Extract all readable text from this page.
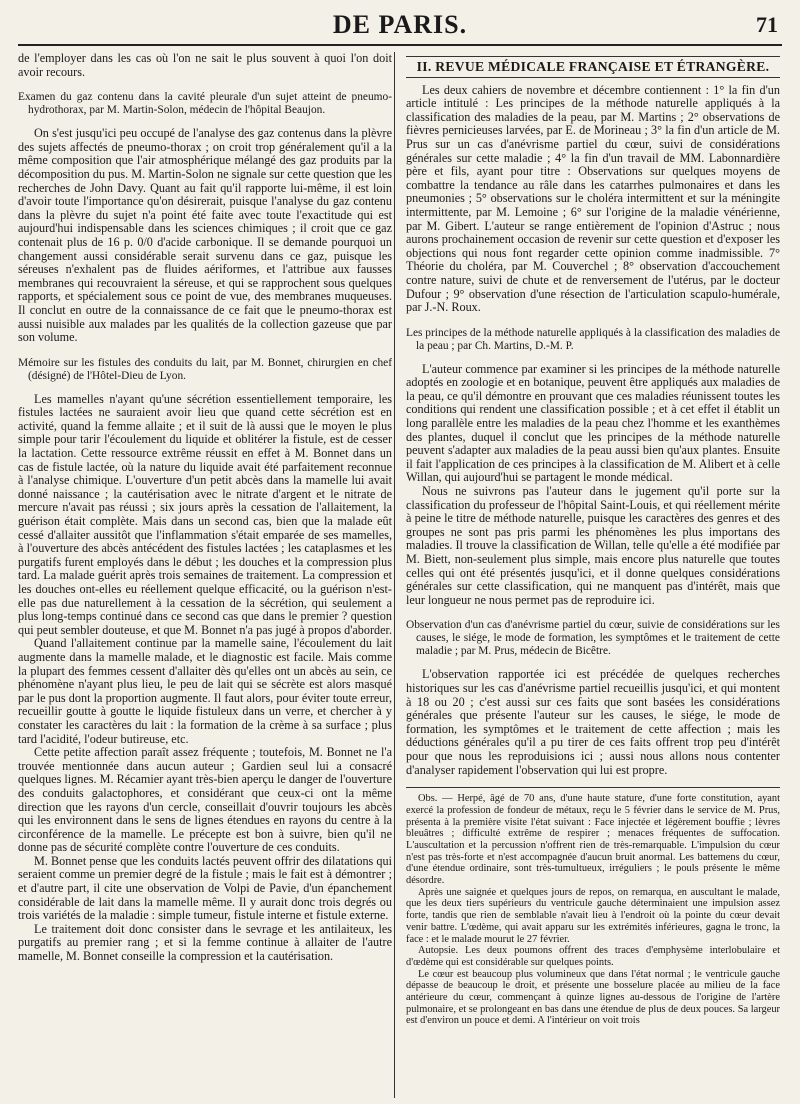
DE PARIS.	71

de l'employer dans les cas où l'on ne sait le plus souvent à quoi l'on doit avoir recours.

Examen du gaz contenu dans la cavité pleurale d'un sujet atteint de pneumo-hydrothorax, par M. Martin-Solon, médecin de l'hôpital Beaujon.

On s'est jusqu'ici peu occupé de l'analyse des gaz contenus dans la plèvre des sujets affectés de pneumo-thorax ; on croit trop généralement qu'il a la même composition que l'air atmosphérique mélangé des gaz produits par la décomposition du pus. M. Martin-Solon ne signale sur cette question que les recherches de John Davy. Quant au fait qu'il rapporte lui-même, il est loin d'avoir toute l'importance qu'on désirerait, puisque l'analyse du gaz contenu dans la plèvre du sujet n'a point été faite avec toute l'exactitude qui est aujourd'hui indispensable dans les sciences chimiques ; il croit que ce gaz contenait plus de 16 p. 0/0 d'acide carbonique. Il se demande pourquoi un changement aussi considérable serait survenu dans ce gaz, puisque les séreuses n'exhalent pas de fluides aériformes, et l'attribue aux fausses membranes qui recouvraient la séreuse, et qui se rapprochent sous quelques rapports, et spécialement sous ce point de vue, des membranes muqueuses. Il conclut en outre de la connaissance de ce fait que le pneumo-thorax est aussi nuisible aux malades par les qualités de la collection gazeuse que par son volume.

Mémoire sur les fistules des conduits du lait, par M. Bonnet, chirurgien en chef (désigné) de l'Hôtel-Dieu de Lyon.

Les mamelles n'ayant qu'une sécrétion essentiellement temporaire, les fistules lactées ne sauraient avoir lieu que quand cette sécrétion est en activité, quand la femme allaite ; et il suit de là aussi que le moyen le plus simple pour tarir l'écoulement du liquide et oblitérer la fistule, est de cesser la lactation. Cette ressource extrême réussit en effet à M. Bonnet dans un cas de fistule lactée, où la nature du liquide avait été parfaitement reconnue à l'analyse chimique. L'ouverture d'un petit abcès dans la mamelle lui avait donné naissance ; la cautérisation avec le nitrate d'argent et le nitrate de mercure n'avait pas réussi ; six jours après la cessation de l'allaitement, la guérison était complète. Mais dans un second cas, bien que la malade eût cessé d'allaiter aussitôt que l'inflammation s'était emparée de ses mamelles, à l'ouverture des abcès antécédent des fistules lactées ; les cataplasmes et les purgatifs furent employés dans le début ; les douches et la compression plus tard. La malade guérit après trois semaines de traitement. La compression et les douches ont-elles eu réellement quelque efficacité, ou la guérison n'est-elle pas due naturellement à la cessation de la sécrétion, qui seulement a plus long-temps continué dans ce second cas que dans le premier ? question qui peut sembler douteuse, et que M. Bonnet n'a pas jugé à propos d'aborder.

Quand l'allaitement continue par la mamelle saine, l'écoulement du lait augmente dans la mamelle malade, et le diagnostic est facile. Mais comme la plupart des femmes cessent d'allaiter dès qu'elles ont un abcès au sein, ce phénomène n'ayant plus lieu, le peu de lait qui se sécrète est alors masqué par le pus dont la proportion augmente. Il faut alors, pour éviter toute erreur, recueillir goutte à goutte le liquide fistuleux dans un verre, et chercher à y constater les caractères du lait : la formation de la crème à sa surface ; plus tard l'acidité, l'odeur butireuse, etc.

Cette petite affection paraît assez fréquente ; toutefois, M. Bonnet ne l'a trouvée mentionnée dans aucun auteur ; Gardien seul lui a consacré quelques lignes. M. Récamier ayant très-bien aperçu le danger de l'ouverture des conduits galactophores, et considérant que ceux-ci ont la même direction que les rayons d'un cercle, conseillait d'ouvrir toujours les abcès qui les environnent dans le sens de lignes étendues en rayons du centre à la circonférence de la mamelle. Le précepte est bon à suivre, bien qu'il ne donne pas de sécurité complète contre l'ouverture de ces conduits.

M. Bonnet pense que les conduits lactés peuvent offrir des dilatations qui seraient comme un premier degré de la fistule ; mais le fait est à démontrer ; et d'autre part, il cite une observation de Volpi de Pavie, d'un épanchement considérable de lait dans la mamelle même. Il y aurait donc trois degrés ou trois variétés de la maladie : simple tumeur, fistule interne et fistule externe.

Le traitement doit donc consister dans le sevrage et les antilaiteux, les purgatifs au premier rang ; et si la femme continue à allaiter de l'autre mamelle, M. Bonnet conseille la compression et la cautérisation.

II. REVUE MÉDICALE FRANÇAISE ET ÉTRANGÈRE.

Les deux cahiers de novembre et décembre contiennent : 1° la fin d'un article intitulé : Les principes de la méthode naturelle appliqués à la classification des maladies de la peau, par M. Martins ; 2° observations de fièvres pernicieuses larvées, par E. de Morineau ; 3° la fin d'un article de M. Prus sur un cas d'anévrisme partiel du cœur, suivi de considérations générales sur cette maladie ; 4° la fin d'un travail de MM. Labonnardière père et fils, ayant pour titre : Observations sur quelques moyens de combattre la tendance au râle dans les catarrhes pulmonaires et dans les pneumonies ; 5° observations sur le choléra intermittent et sur la méningite intermittente, par M. Lemoine ; 6° sur l'origine de la maladie vénérienne, par M. Gibert. L'auteur se range entièrement de l'opinion d'Astruc ; nous aurons prochainement occasion de revenir sur cette question et d'exposer les objections qui nous font regarder cette opinion comme inadmissible. 7° Théorie du choléra, par M. Couverchel ; 8° observation d'accouchement contre nature, suivi de chute et de renversement de l'utérus, par le docteur Dufour ; 9° observation d'une résection de l'articulation scapulo-humérale, par J.-N. Roux.

Les principes de la méthode naturelle appliqués à la classification des maladies de la peau ; par Ch. Martins, D.-M. P.

L'auteur commence par examiner si les principes de la méthode naturelle adoptés en zoologie et en botanique, peuvent être appliqués aux maladies de la peau, ce qu'il démontre en prouvant que ces maladies réunissent toutes les conditions qui rendent une classification possible ; et à cet effet il établit un long parallèle entre les maladies de la peau chez l'homme et les exanthèmes des plantes, duquel il conclut que les principes de la méthode naturelle peuvent s'adapter aux maladies de la peau aussi bien qu'aux plantes. Ensuite il fait l'application de ces principes à la classification de M. Alibert et à celle Willan, qui aujourd'hui se partagent le monde médical.

Nous ne suivrons pas l'auteur dans le jugement qu'il porte sur la classification du professeur de l'hôpital Saint-Louis, et qui réellement mérite à peine le titre de méthode naturelle, puisque les caractères des genres et des groupes ne sont pas pris parmi les phénomènes les plus importans des maladies. Il trouve la classification de Willan, telle qu'elle a été modifiée par M. Biett, non-seulement plus simple, mais encore plus naturelle que toutes celles qui ont été présentés jusqu'ici, et il donne quelques considérations générales sur cette classification, qui ne manquent pas d'intérêt, mais que leur longueur ne nous permet pas de reproduire ici.

Observation d'un cas d'anévrisme partiel du cœur, suivie de considérations sur les causes, le siége, le mode de formation, les symptômes et le traitement de cette maladie ; par M. Prus, médecin de Bicêtre.

L'observation rapportée ici est précédée de quelques recherches historiques sur les cas d'anévrisme partiel recueillis jusqu'ici, et qui montent à 18 ou 20 ; c'est aussi sur ces faits que sont basées les considérations générales que présente l'auteur sur les causes, le siége, le mode de formation, les symptômes et le traitement de cette affection ; mais les déductions générales qu'il a pu tirer de ces faits offrent trop peu d'intérêt pour que nous les reproduisions ici ; aussi nous allons nous contenter d'analyser rapidement l'observation qui lui est propre.

Obs. — Herpé, âgé de 70 ans, d'une haute stature, d'une forte constitution, ayant exercé la profession de fondeur de métaux, reçu le 5 février dans le service de M. Prus, présenta à la première visite l'état suivant : Face injectée et légèrement bouffie ; lèvres bleuâtres ; difficulté extrême de respirer ; menaces fréquentes de suffocation. L'auscultation et la percussion n'offrent rien de très-remarquable. L'impulsion du cœur n'est pas très-forte et n'est accompagnée d'aucun bruit anormal. Les battemens du cœur, d'une étendue ordinaire, sont très-tumultueux, irréguliers ; le pouls présente le même désordre.

Après une saignée et quelques jours de repos, on remarqua, en auscultant le malade, que les deux tiers supérieurs du ventricule gauche déterminaient une impulsion assez forte, tandis que rien de semblable n'avait lieu à l'endroit où la pointe du cœur devait venir battre. L'œdème, qui avait apparu sur les extrémités inférieures, gagna le tronc, la face : et le malade mourut le 27 février.

Autopsie. Les deux poumons offrent des traces d'emphysème interlobulaire et d'œdème qui est considérable sur quelques points.

Le cœur est beaucoup plus volumineux que dans l'état normal ; le ventricule gauche dépasse de beaucoup le droit, et présente une bosselure placée au milieu de la face antérieure du cœur, commençant à quinze lignes au-dessous de l'origine de l'artère pulmonaire, et se prolongeant en bas dans une étendue de plus de deux pouces. Sa largeur est d'environ un pouce et demi. A l'intérieur on voit trois
